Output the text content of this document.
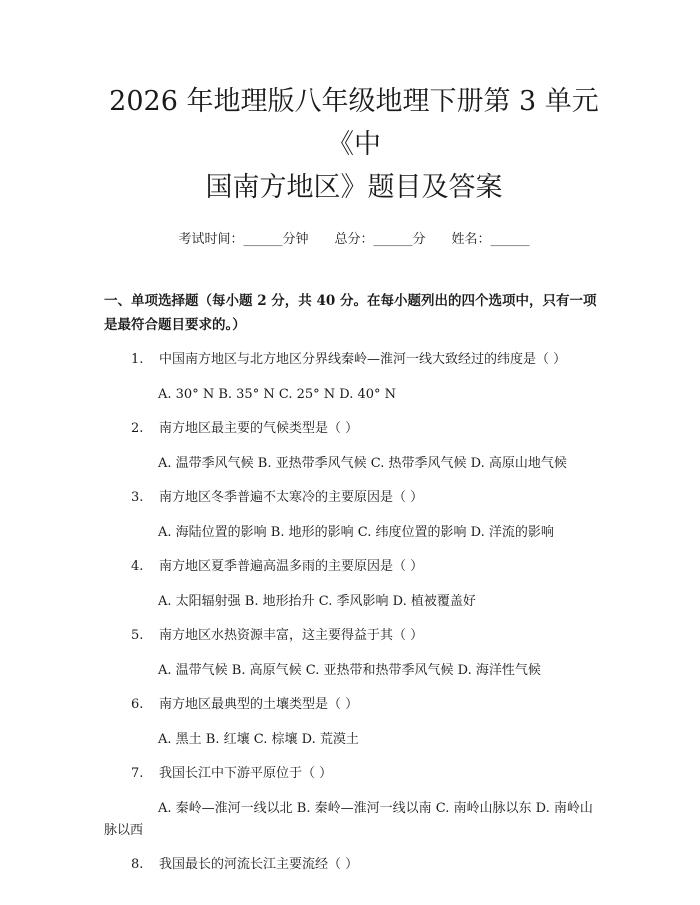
2026 年地理版八年级地理下册第 3 单元《中
国南方地区》题目及答案
考试时间：______分钟　　总分：______分　　姓名：______
一、单项选择题（每小题 2 分，共 40 分。在每小题列出的四个选项中，只有一项是最符合题目要求的。）
1. 中国南方地区与北方地区分界线秦岭—淮河一线大致经过的纬度是（ ）
A. 30° N B. 35° N C. 25° N D. 40° N
2. 南方地区最主要的气候类型是（ ）
A. 温带季风气候 B. 亚热带季风气候 C. 热带季风气候 D. 高原山地气候
3. 南方地区冬季普遍不太寒冷的主要原因是（ ）
A. 海陆位置的影响 B. 地形的影响 C. 纬度位置的影响 D. 洋流的影响
4. 南方地区夏季普遍高温多雨的主要原因是（ ）
A. 太阳辐射强 B. 地形抬升 C. 季风影响 D. 植被覆盖好
5. 南方地区水热资源丰富，这主要得益于其（ ）
A. 温带气候 B. 高原气候 C. 亚热带和热带季风气候 D. 海洋性气候
6. 南方地区最典型的土壤类型是（ ）
A. 黑土 B. 红壤 C. 棕壤 D. 荒漠土
7. 我国长江中下游平原位于（ ）
A. 秦岭—淮河一线以北 B. 秦岭—淮河一线以南 C. 南岭山脉以东 D. 南岭山脉以西
8. 我国最长的河流长江主要流经（ ）
